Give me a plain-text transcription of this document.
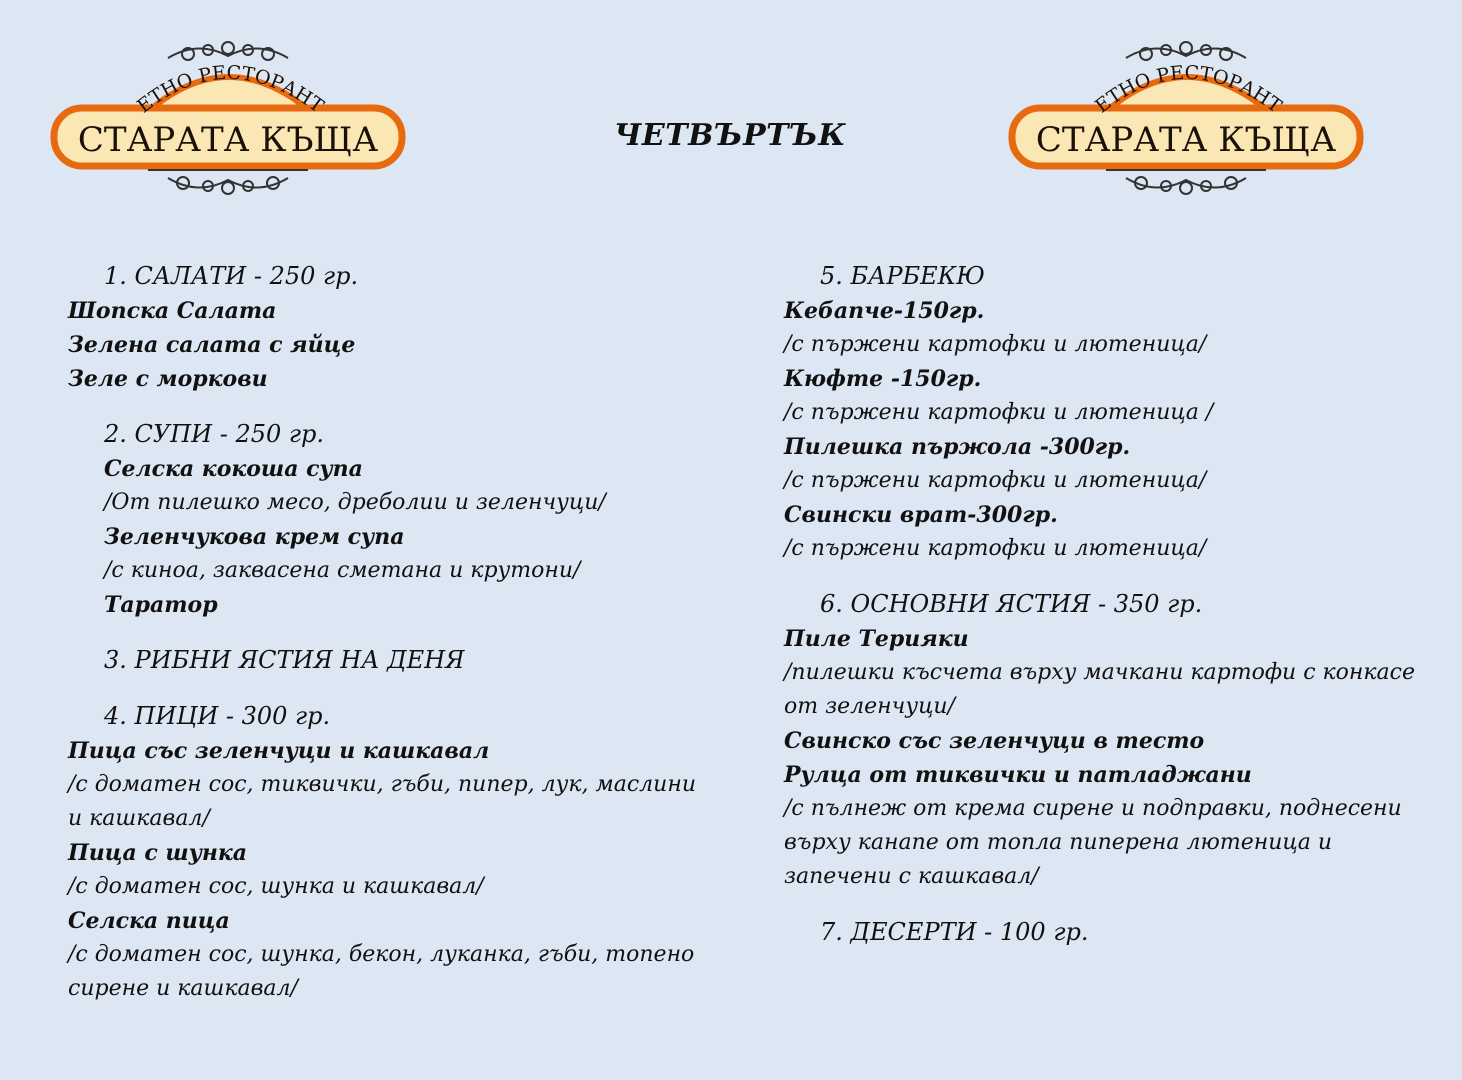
ЕТНО РЕСТОРАНТ
СТАРАТА КЪЩА	ЧЕТВЪРТЪК
ЕТНО РЕСТОРАНТ
СТАРАТА КЪЩА
1. САЛАТИ - 250 гр.
Шопска Салата
Зелена салата с яйце
Зеле с моркови
2. СУПИ - 250 гр.
Селска кокоша супа
/От пилешко месо, дреболии и зеленчуци/
Зеленчукова крем супа
/с киноа, заквасена сметана и крутони/
Таратор
3. РИБНИ ЯСТИЯ НА ДЕНЯ
4. ПИЦИ - 300 гр.
Пица със зеленчуци и кашкавал
/с доматен сос, тиквички, гъби, пипер, лук, маслини
и кашкавал/
Пица с шунка
/с доматен сос, шунка и кашкавал/
Селска пица
/с доматен сос, шунка, бекон, луканка, гъби, топено
сирене и кашкавал/
5. БАРБЕКЮ
Кебапче-150гр.
/с пържени картофки и лютеница/
Кюфте -150гр.
/с пържени картофки и лютеница /
Пилешка пържола -300гр.
/с пържени картофки и лютеница/
Свински врат-300гр.
/с пържени картофки и лютеница/
6. ОСНОВНИ ЯСТИЯ - 350 гр.
Пиле Терияки
/пилешки късчета върху мачкани картофи с конкасе
от зеленчуци/
Свинско със зеленчуци в тесто
Рулца от тиквички и патладжани
/с пълнеж от крема сирене и подправки, поднесени
върху канапе от топла пиперена лютеница и
запечени с кашкавал/
7. ДЕСЕРТИ - 100 гр.
